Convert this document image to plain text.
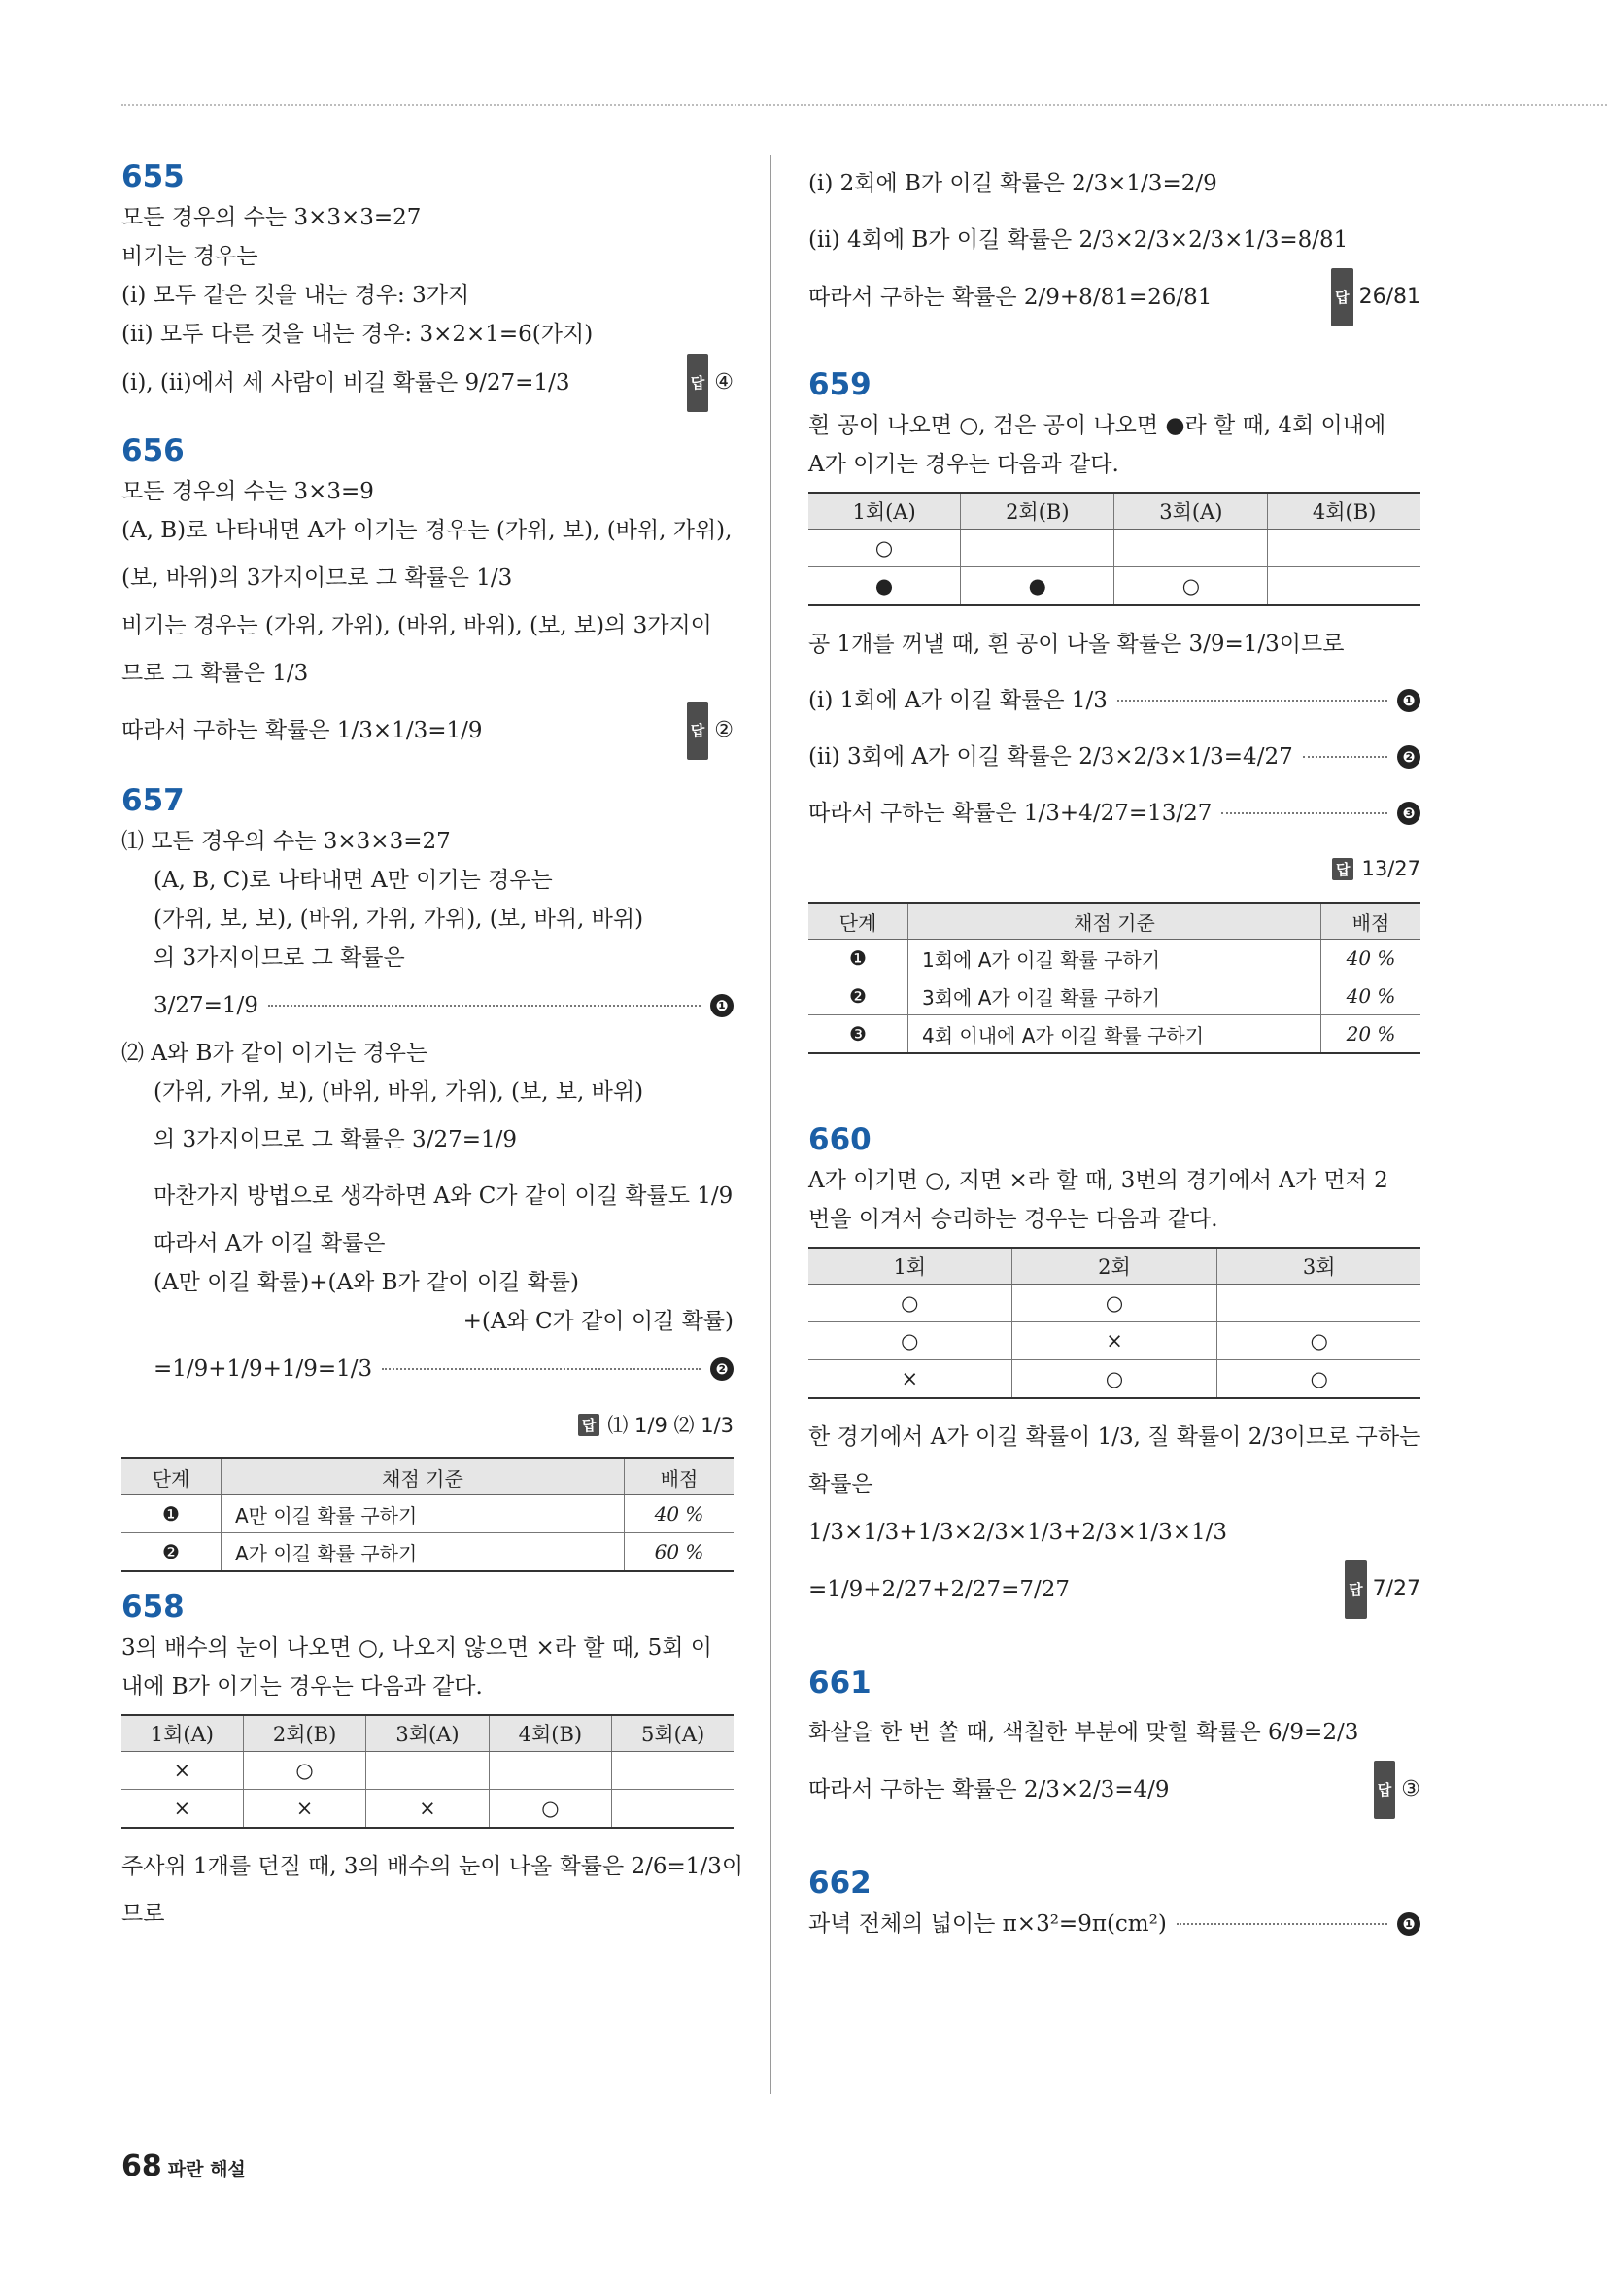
655
모든 경우의 수는 3×3×3=27
비기는 경우는
(ⅰ) 모두 같은 것을 내는 경우: 3가지
(ⅱ) 모두 다른 것을 내는 경우: 3×2×1=6(가지)
(ⅰ), (ⅱ)에서 세 사람이 비길 확률은 9/27=1/3	답 ④
656
모든 경우의 수는 3×3=9
(A, B)로 나타내면 A가 이기는 경우는 (가위, 보), (바위, 가위),
(보, 바위)의 3가지이므로 그 확률은 1/3
비기는 경우는 (가위, 가위), (바위, 바위), (보, 보)의 3가지이
므로 그 확률은 1/3
따라서 구하는 확률은 1/3×1/3=1/9	답 ②
657
⑴ 모든 경우의 수는 3×3×3=27
(A, B, C)로 나타내면 A만 이기는 경우는
(가위, 보, 보), (바위, 가위, 가위), (보, 바위, 바위)
의 3가지이므로 그 확률은
3/27=1/9	❶
⑵ A와 B가 같이 이기는 경우는
(가위, 가위, 보), (바위, 바위, 가위), (보, 보, 바위)
의 3가지이므로 그 확률은 3/27=1/9
마찬가지 방법으로 생각하면 A와 C가 같이 이길 확률도 1/9
따라서 A가 이길 확률은
(A만 이길 확률)+(A와 B가 같이 이길 확률)
+(A와 C가 같이 이길 확률)
=1/9+1/9+1/9=1/3	❷
답 ⑴ 1/9 ⑵ 1/3
단계	채점 기준	배점
❶	A만 이길 확률 구하기	40 %
❷	A가 이길 확률 구하기	60 %
658
3의 배수의 눈이 나오면 ○, 나오지 않으면 ×라 할 때, 5회 이
내에 B가 이기는 경우는 다음과 같다.
1회(A)	2회(B)	3회(A)	4회(B)	5회(A)
×	○			
×	×	×	○	
주사위 1개를 던질 때, 3의 배수의 눈이 나올 확률은 2/6=1/3이
므로
(ⅰ) 2회에 B가 이길 확률은 2/3×1/3=2/9
(ⅱ) 4회에 B가 이길 확률은 2/3×2/3×2/3×1/3=8/81
따라서 구하는 확률은 2/9+8/81=26/81	답 26/81
659
흰 공이 나오면 ○, 검은 공이 나오면 ●라 할 때, 4회 이내에
A가 이기는 경우는 다음과 같다.
1회(A)	2회(B)	3회(A)	4회(B)
○			
●	●	○	
공 1개를 꺼낼 때, 흰 공이 나올 확률은 3/9=1/3이므로
(ⅰ) 1회에 A가 이길 확률은 1/3	❶
(ⅱ) 3회에 A가 이길 확률은 2/3×2/3×1/3=4/27	❷
따라서 구하는 확률은 1/3+4/27=13/27	❸
답 13/27
단계	채점 기준	배점
❶	1회에 A가 이길 확률 구하기	40 %
❷	3회에 A가 이길 확률 구하기	40 %
❸	4회 이내에 A가 이길 확률 구하기	20 %
660
A가 이기면 ○, 지면 ×라 할 때, 3번의 경기에서 A가 먼저 2
번을 이겨서 승리하는 경우는 다음과 같다.
1회	2회	3회
○	○	
○	×	○
×	○	○
한 경기에서 A가 이길 확률이 1/3, 질 확률이 2/3이므로 구하는
확률은
1/3×1/3+1/3×2/3×1/3+2/3×1/3×1/3
=1/9+2/27+2/27=7/27	답 7/27
661
화살을 한 번 쏠 때, 색칠한 부분에 맞힐 확률은 6/9=2/3
따라서 구하는 확률은 2/3×2/3=4/9	답 ③
662
과녁 전체의 넓이는 π×3²=9π(cm²)	❶
68 파란 해설
